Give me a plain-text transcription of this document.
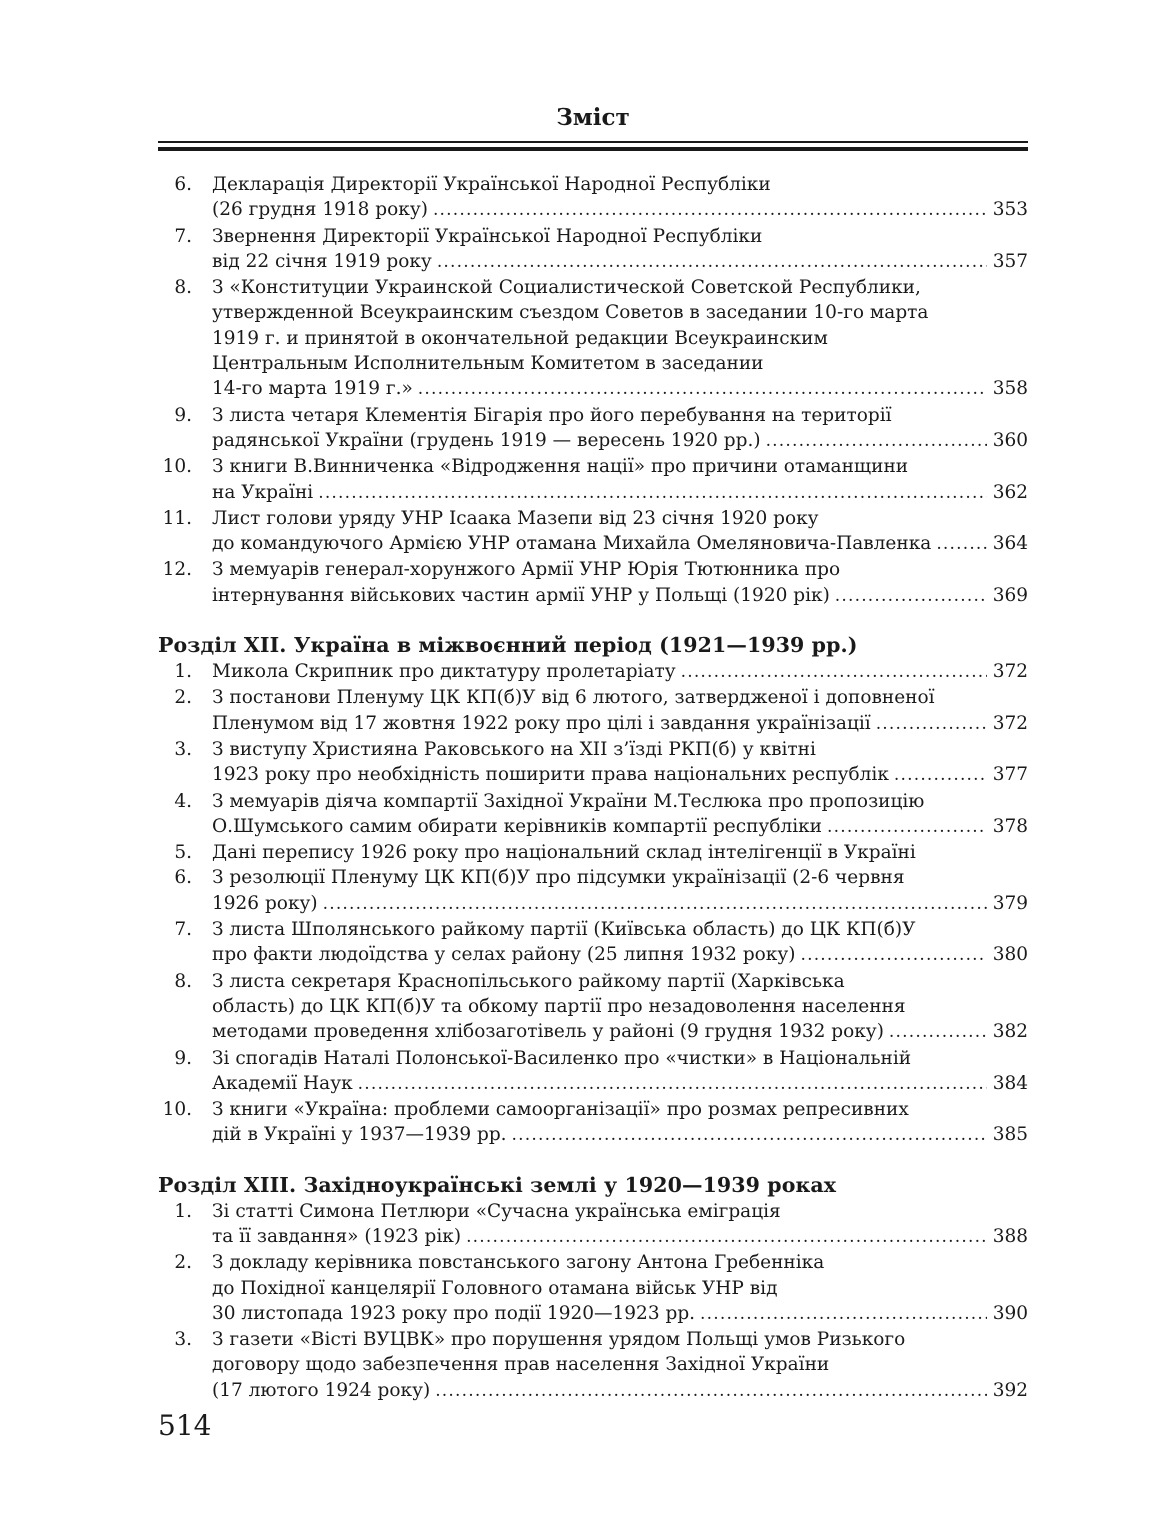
Зміст
6. Декларація Директорії Української Народної Республіки
(26 грудня 1918 року) .....	353
7. Звернення Директорії Української Народної Республіки
від 22 січня 1919 року .....	357
8. З «Конституции Украинской Социалистической Советской Республики,
утвержденной Всеукраинским съездом Советов в заседании 10-го марта
1919 г. и принятой в окончательной редакции Всеукраинским
Центральным Исполнительным Комитетом в заседании
14-го марта 1919 г.» .....	358
9. З листа четаря Клементія Бігарія про його перебування на території
радянської України (грудень 1919 — вересень 1920 рр.) .....	360
10. З книги В.Винниченка «Відродження нації» про причини отаманщини
на Україні .....	362
11. Лист голови уряду УНР Ісаака Мазепи від 23 січня 1920 року
до командуючого Армією УНР отамана Михайла Омеляновича-Павленка .....	364
12. З мемуарів генерал-хорунжого Армії УНР Юрія Тютюнника про
інтернування військових частин армії УНР у Польщі (1920 рік) .....	369
Розділ XII. Україна в міжвоєнний період (1921—1939 рр.)
1. Микола Скрипник про диктатуру пролетаріату .....	372
2. З постанови Пленуму ЦК КП(б)У від 6 лютого, затвердженої і доповненої
Пленумом від 17 жовтня 1922 року про цілі і завдання українізації .....	372
3. З виступу Християна Раковського на XII з’їзді РКП(б) у квітні
1923 року про необхідність поширити права національних республік .....	377
4. З мемуарів діяча компартії Західної України М.Теслюка про пропозицію
О.Шумського самим обирати керівників компартії республіки .....	378
5. Дані перепису 1926 року про національний склад інтелігенції в Україні
6. З резолюції Пленуму ЦК КП(б)У про підсумки українізації (2-6 червня
1926 року) .....	379
7. З листа Шполянського райкому партії (Київська область) до ЦК КП(б)У
про факти людоїдства у селах району (25 липня 1932 року) .....	380
8. З листа секретаря Краснопільського райкому партії (Харківська
область) до ЦК КП(б)У та обкому партії про незадоволення населення
методами проведення хлібозаготівель у районі (9 грудня 1932 року) .....	382
9. Зі спогадів Наталі Полонської-Василенко про «чистки» в Національній
Академії Наук .....	384
10. З книги «Україна: проблеми самоорганізації» про розмах репресивних
дій в Україні у 1937—1939 рр. .....	385
Розділ XIII. Західноукраїнські землі у 1920—1939 роках
1. Зі статті Симона Петлюри «Сучасна українська еміграція
та її завдання» (1923 рік) .....	388
2. З докладу керівника повстанського загону Антона Гребенніка
до Похідної канцелярії Головного отамана військ УНР від
30 листопада 1923 року про події 1920—1923 рр. .....	390
3. З газети «Вісті ВУЦВК» про порушення урядом Польщі умов Ризького
договору щодо забезпечення прав населення Західної України
(17 лютого 1924 року) .....	392
514
